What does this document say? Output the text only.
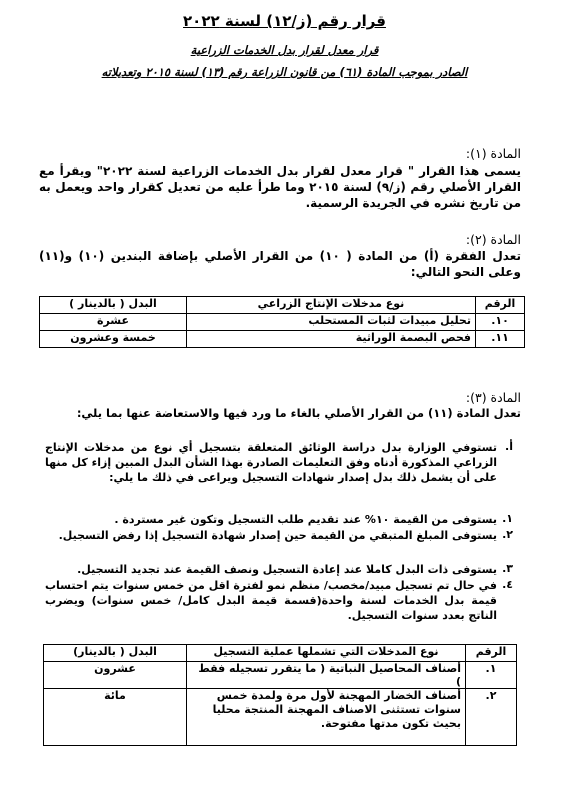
قرار رقم (ز/١٢) لسنة ٢٠٢٢
قرار معدل لقرار بدل الخدمات الزراعية
الصادر بموجب المادة (٦١) من قانون الزراعة رقم (١٣) لسنة ٢٠١٥ وتعديلاته
المادة (١):
يسمى هذا القرار " قرار معدل لقرار بدل الخدمات الزراعية لسنة ٢٠٢٢" ويقرأ مع القرار الأصلي رقم (ز/٩) لسنة ٢٠١٥ وما طرأ عليه من تعديل كقرار واحد ويعمل به من تاريخ نشره في الجريدة الرسمية.
المادة (٢):
تعدل الفقرة (أ) من المادة ( ١٠) من القرار الأصلي بإضافة البندين (١٠) و(١١) وعلى النحو التالي:
الرقم	نوع مدخلات الإنتاج الزراعي	البدل ( بالدينار )
١٠.	تحليل مبيدات لثبات المستحلب	عشرة
١١.	فحص البصمة الوراثية	خمسة وعشرون
المادة (٣):
تعدل المادة (١١) من القرار الأصلي بالغاء ما ورد فيها والاستعاضة عنها بما يلي:
أ.
تستوفي الوزارة بدل دراسة الوثائق المتعلقة بتسجيل أي نوع من مدخلات الإنتاج الزراعي المذكورة أدناه وفق التعليمات الصادرة بهذا الشأن البدل المبين إزاء كل منها على أن يشمل ذلك بدل إصدار شهادات التسجيل ويراعى في ذلك ما يلي:
١.
يستوفى من القيمة ١٠% عند تقديم طلب التسجيل وتكون غير مستردة .
٢.
يستوفى المبلغ المتبقي من القيمة حين إصدار شهادة التسجيل إذا رفض التسجيل.
٣.
يستوفى ذات البدل كاملا عند إعادة التسجيل ونصف القيمة عند تجديد التسجيل.
٤.
في حال تم تسجيل مبيد/مخصب/ منظم نمو لفترة اقل من خمس سنوات يتم احتساب قيمة بدل الخدمات لسنة واحدة(قسمة قيمة البدل كامل/ خمس سنوات) ويضرب الناتج بعدد سنوات التسجيل.
الرقم	نوع المدخلات التي تشملها عملية التسجيل	البدل ( بالدينار)
١.	أصناف المحاصيل النباتية ( ما يتقرر تسجيله فقط )	عشرون
٢.	أصناف الخضار المهجنة لأول مرة ولمدة خمس سنوات تستثنى الاصناف المهجنة المنتجة محليا بحيث تكون مدتها مفتوحة.	مائة
